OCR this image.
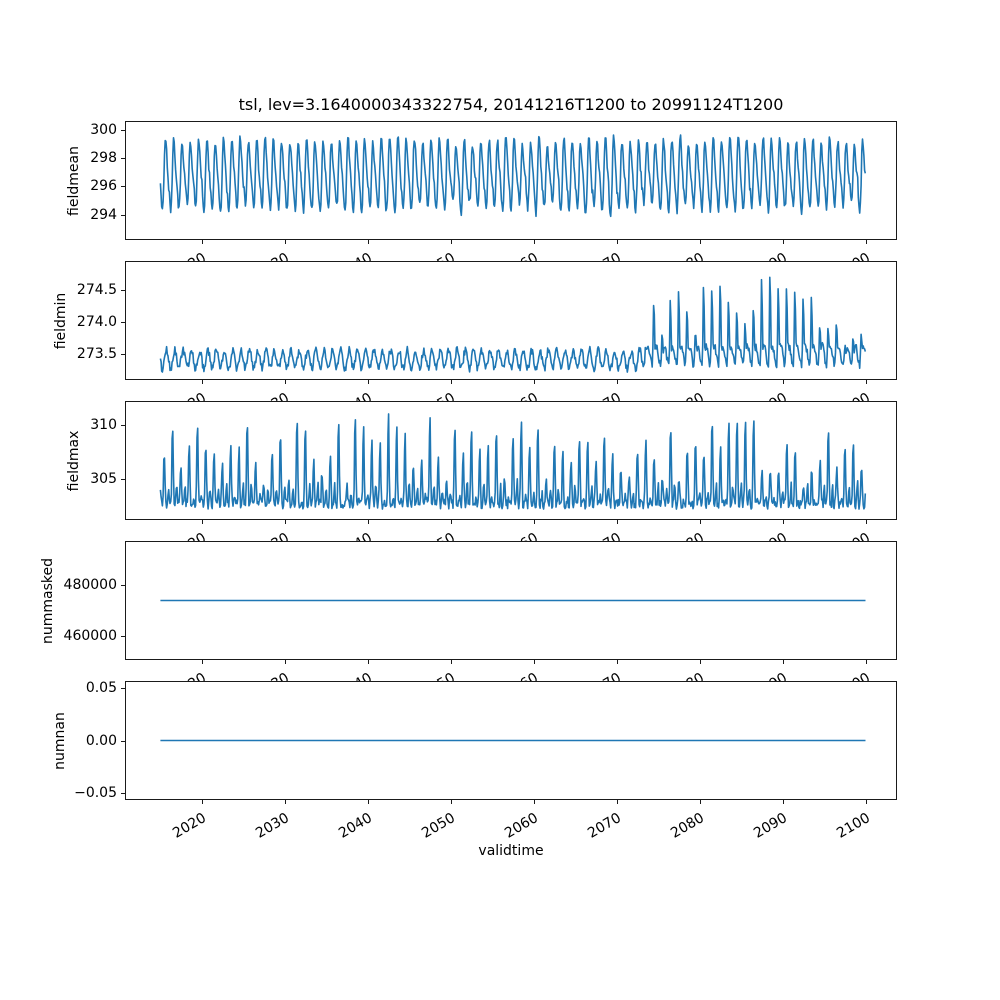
tsl, lev=3.1640000343322754, 20141216T1200 to 20991124T1200
validtime
294
296
298
300
fieldmean
273.5
274.0
274.5
fieldmin
305
310
fieldmax
460000
480000
nummasked
2020	2030	2040	2050	2060	2070	2080	2090	2100
−0.05
0.00
0.05
numnan
